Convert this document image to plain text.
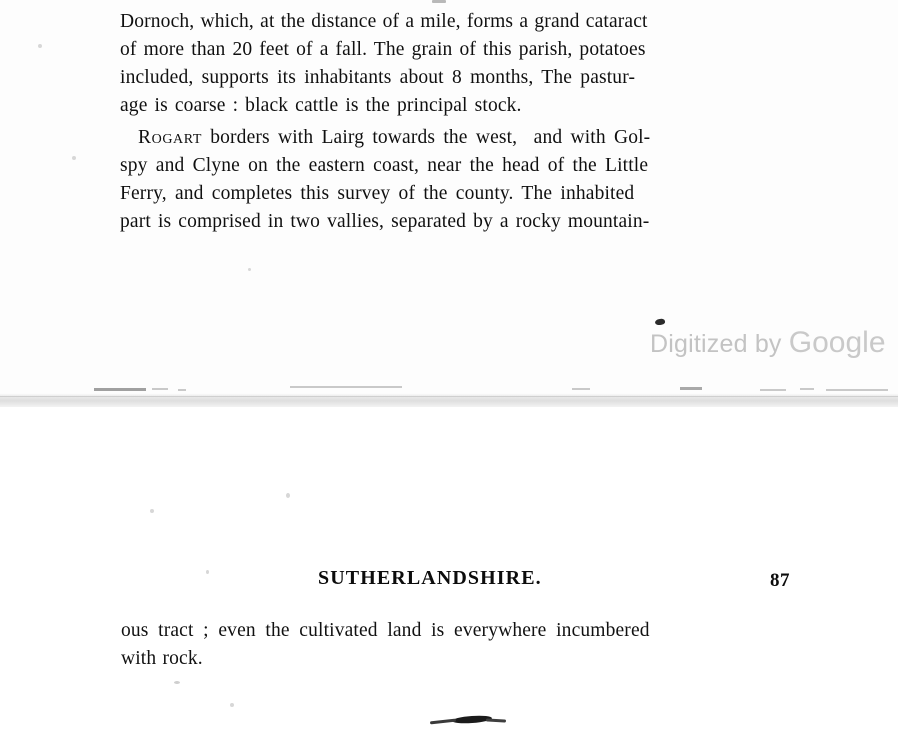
Dornoch, which, at the distance of a mile, forms a grand cataract
of more than 20 feet of a fall. The grain of this parish, potatoes
included, supports its inhabitants about 8 months, The pastur-
age is coarse : black cattle is the principal stock.
Rogart borders with Lairg towards the west,  and with Gol-
spy and Clyne on the eastern coast, near the head of the Little
Ferry, and completes this survey of the county. The inhabited
part is comprised in two vallies, separated by a rocky mountain-
Digitized by Google
SUTHERLANDSHIRE.	87
ous tract ; even the cultivated land is everywhere incumbered
with rock.
